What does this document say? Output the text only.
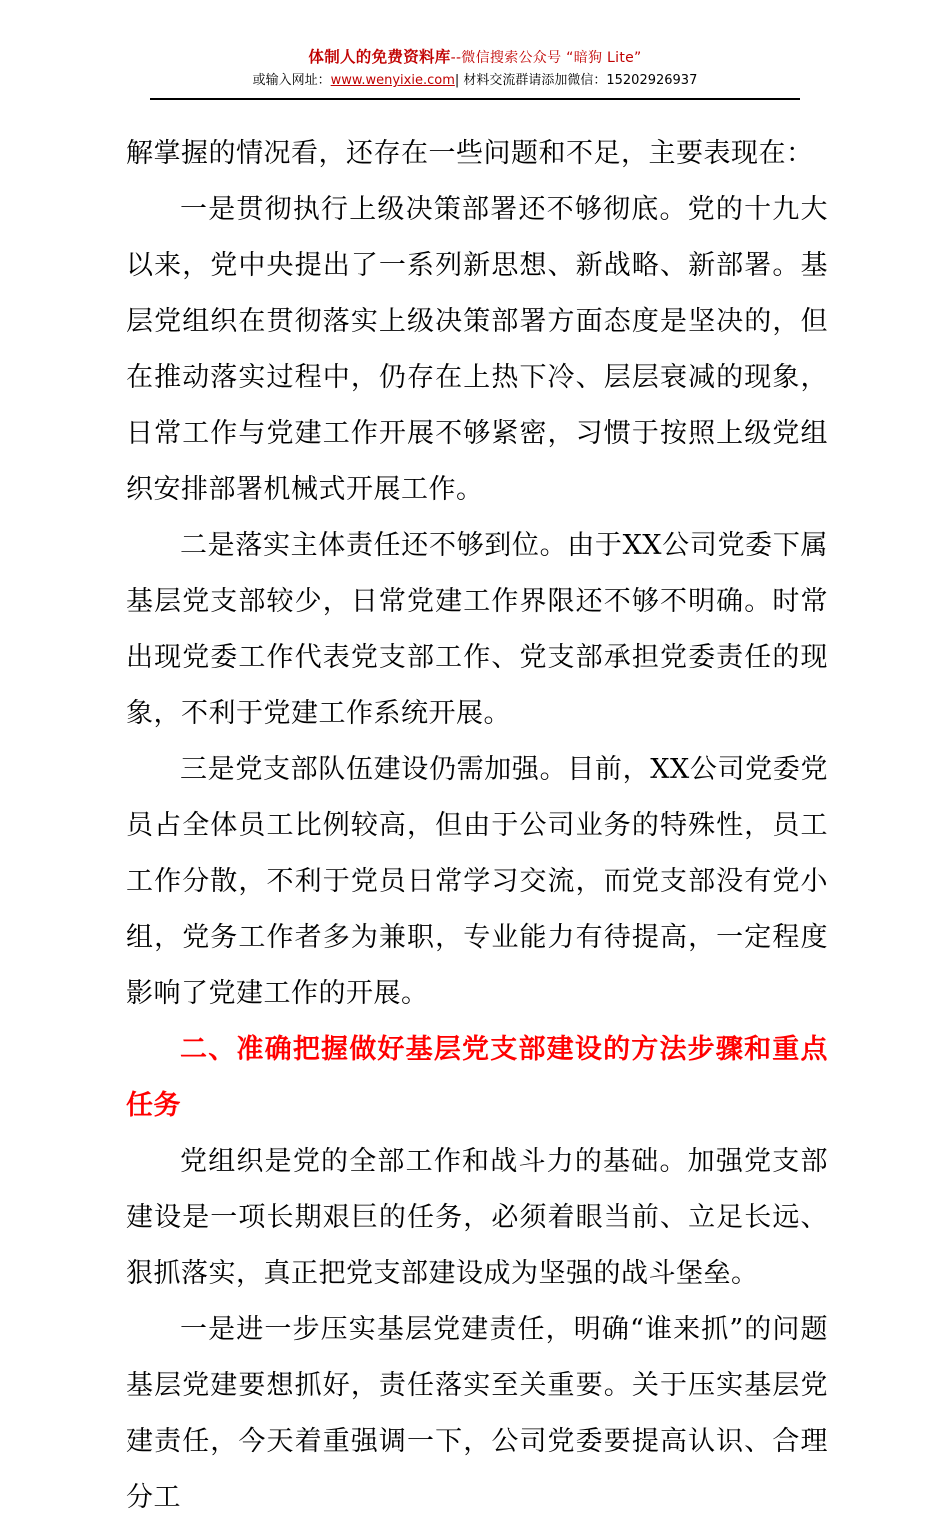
体制人的免费资料库--微信搜索公众号 “暗狗 Lite”
或输入网址：www.wenyixie.com| 材料交流群请添加微信：15202926937

解掌握的情况看，还存在一些问题和不足，主要表现在：

一是贯彻执行上级决策部署还不够彻底。党的十九大以来，党中央提出了一系列新思想、新战略、新部署。基层党组织在贯彻落实上级决策部署方面态度是坚决的，但在推动落实过程中，仍存在上热下冷、层层衰减的现象，日常工作与党建工作开展不够紧密，习惯于按照上级党组织安排部署机械式开展工作。

二是落实主体责任还不够到位。由于XX公司党委下属基层党支部较少，日常党建工作界限还不够不明确。时常出现党委工作代表党支部工作、党支部承担党委责任的现象，不利于党建工作系统开展。

三是党支部队伍建设仍需加强。目前，XX公司党委党员占全体员工比例较高，但由于公司业务的特殊性，员工工作分散，不利于党员日常学习交流，而党支部没有党小组，党务工作者多为兼职，专业能力有待提高，一定程度影响了党建工作的开展。

二、准确把握做好基层党支部建设的方法步骤和重点任务

党组织是党的全部工作和战斗力的基础。加强党支部建设是一项长期艰巨的任务，必须着眼当前、立足长远、狠抓落实，真正把党支部建设成为坚强的战斗堡垒。

一是进一步压实基层党建责任，明确“谁来抓”的问题基层党建要想抓好，责任落实至关重要。关于压实基层党建责任，今天着重强调一下，公司党委要提高认识、合理分工
